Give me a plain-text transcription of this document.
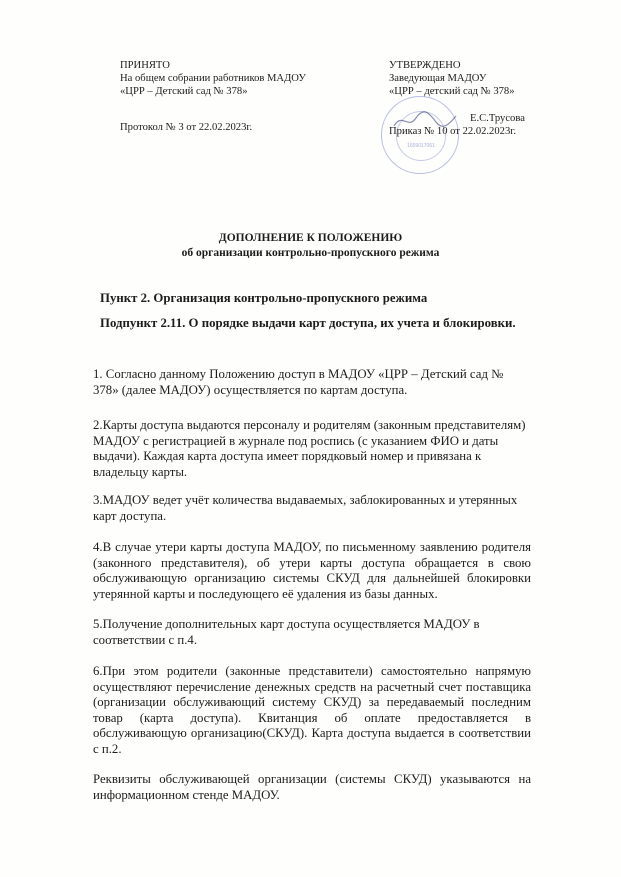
1659017061
ПРИНЯТО
На общем собрании работников МАДОУ
«ЦРР – Детский сад № 378»
Протокол № 3 от 22.02.2023г.
УТВЕРЖДЕНО
Заведующая МАДОУ
«ЦРР – детский сад № 378»
Е.С.Трусова
Приказ № 10 от 22.02.2023г.
ДОПОЛНЕНИЕ К ПОЛОЖЕНИЮ
об организации контрольно-пропускного режима
Пункт 2. Организация контрольно-пропускного режима
Подпункт 2.11. О порядке выдачи карт доступа, их учета и блокировки.

1. Согласно данному Положению доступ в МАДОУ «ЦРР – Детский сад № 378» (далее МАДОУ) осуществляется по картам доступа.

2.Карты доступа выдаются персоналу и родителям (законным представителям) МАДОУ с регистрацией в журнале под роспись (с указанием ФИО и даты выдачи). Каждая карта доступа имеет порядковый номер и привязана к владельцу карты.

3.МАДОУ ведет учёт количества выдаваемых, заблокированных и утерянных карт доступа.

4.В случае утери карты доступа МАДОУ, по письменному заявлению родителя (законного представителя), об утери карты доступа обращается в свою обслуживающую организацию системы СКУД для дальнейшей блокировки утерянной карты и последующего её удаления из базы данных.

5.Получение дополнительных карт доступа осуществляется МАДОУ в соответствии с п.4.

6.При этом родители (законные представители) самостоятельно напрямую осуществляют перечисление денежных средств на расчетный счет поставщика (организации обслуживающий систему СКУД) за передаваемый последним товар (карта доступа). Квитанция об оплате предоставляется в обслуживающую организацию(СКУД). Карта доступа выдается в соответствии с п.2.

Реквизиты обслуживающей организации (системы СКУД) указываются на информационном стенде МАДОУ.
